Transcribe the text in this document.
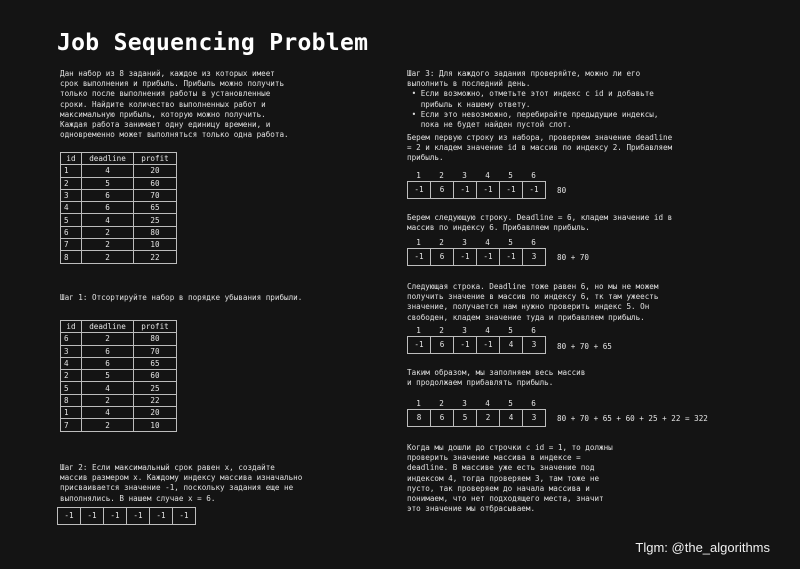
Job Sequencing Problem
Дан набор из 8 заданий, каждое из которых имеет
срок выполнения и прибыль. Прибыль можно получить
только после выполнения работы в установленные
сроки. Найдите количество выполненных работ и
максимальную прибыль, которую можно получить.
Каждая работа занимает одну единицу времени, и
одновременно может выполняться только одна работа.
id	deadline	profit
1	4	20
2	5	60
3	6	70
4	6	65
5	4	25
6	2	80
7	2	10
8	2	22
Шаг 1: Отсортируйте набор в порядке убывания прибыли.
id	deadline	profit
6	2	80
3	6	70
4	6	65
2	5	60
5	4	25
8	2	22
1	4	20
7	2	10
Шаг 2: Если максимальный срок равен x, создайте
массив размером x. Каждому индексу массива изначально
присваивается значение -1, поскольку задания еще не
выполнялись. В нашем случае x = 6.
-1	-1	-1	-1	-1	-1
Шаг 3: Для каждого задания проверяйте, можно ли его
выполнить в последний день.
• Если возможно, отметьте этот индекс с id и добавьте
прибыль к нашему ответу.
• Если это невозможно, перебирайте предыдущие индексы,
пока не будет найден пустой слот.
Берем первую строку из набора, проверяем значение deadline
= 2 и кладем значение id в массив по индексу 2. Прибавляем
прибыль.
1	2	3	4	5	6
-1	6	-1	-1	-1	-1	80
Берем следующую строку. Deadline = 6, кладем значение id в
массив по индексу 6. Прибавляем прибыль.
1	2	3	4	5	6
-1	6	-1	-1	-1	3	80 + 70
Следующая строка. Deadline тоже равен 6, но мы не можем
получить значение в массив по индексу 6, тк там ужеесть
значение, получается нам нужно проверить индекс 5. Он
свободен, кладем значение туда и прибавляем прибыль.
1	2	3	4	5	6
-1	6	-1	-1	4	3	80 + 70 + 65
Таким образом, мы заполняем весь массив
и продолжаем прибавлять прибыль.
1	2	3	4	5	6
8	6	5	2	4	3	80 + 70 + 65 + 60 + 25 + 22 = 322
Когда мы дошли до строчки с id = 1, то должны
проверить значение массива в индексе =
deadline. В массиве уже есть значение под
индексом 4, тогда проверяем 3, там тоже не
пусто, так проверяем до начала массива и
понимаем, что нет подходящего места, значит
это значение мы отбрасываем.
Tlgm: @the_algorithms
